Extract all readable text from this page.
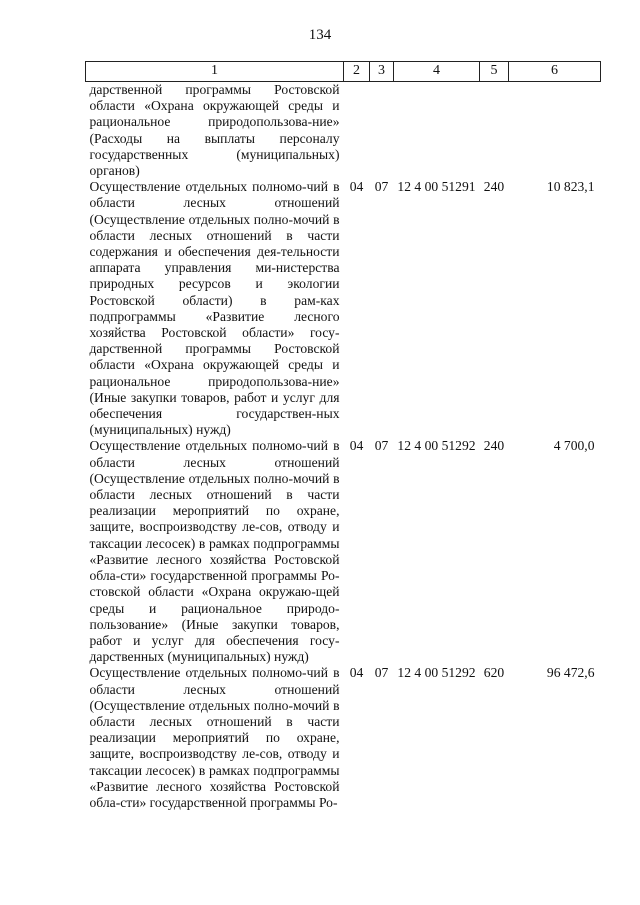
134
1	2	3	4	5	6
дарственной программы Ростовской области «Охрана окружающей среды и рациональное природопользова-ние» (Расходы на выплаты персоналу государственных (муниципальных) органов)					
Осуществление отдельных полномо-чий в области лесных отношений (Осуществление отдельных полно-мочий в области лесных отношений в части содержания и обеспечения дея-тельности аппарата управления ми-нистерства природных ресурсов и экологии Ростовской области) в рам-ках подпрограммы «Развитие лесного хозяйства Ростовской области» госу-дарственной программы Ростовской области «Охрана окружающей среды и рациональное природопользова-ние» (Иные закупки товаров, работ и услуг для обеспечения государствен-ных (муниципальных) нужд)	04	07	12 4 00 51291	240	10 823,1
Осуществление отдельных полномо-чий в области лесных отношений (Осуществление отдельных полно-мочий в области лесных отношений в части реализации мероприятий по охране, защите, воспроизводству ле-сов, отводу и таксации лесосек) в рамках подпрограммы «Развитие лесного хозяйства Ростовской обла-сти» государственной программы Ро-стовской области «Охрана окружаю-щей среды и рациональное природо-пользование» (Иные закупки товаров, работ и услуг для обеспечения госу-дарственных (муниципальных) нужд)	04	07	12 4 00 51292	240	4 700,0
Осуществление отдельных полномо-чий в области лесных отношений (Осуществление отдельных полно-мочий в области лесных отношений в части реализации мероприятий по охране, защите, воспроизводству ле-сов, отводу и таксации лесосек) в рамках подпрограммы «Развитие лесного хозяйства Ростовской обла-сти» государственной программы Ро-	04	07	12 4 00 51292	620	96 472,6
